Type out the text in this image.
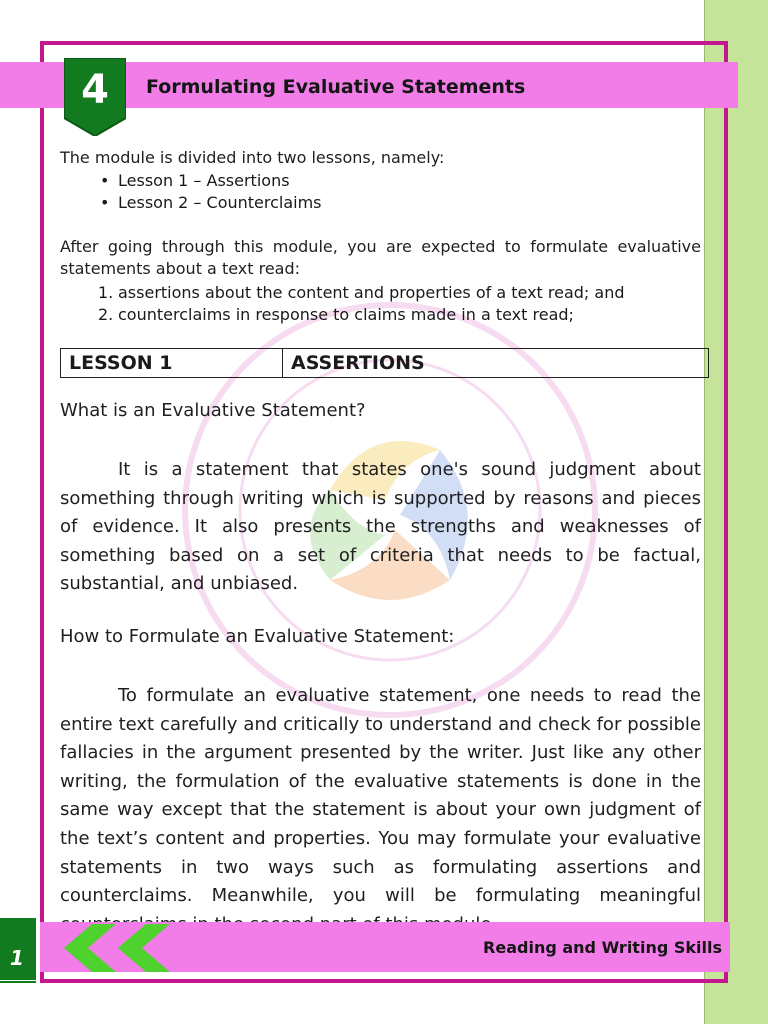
4	Formulating Evaluative Statements
The module is divided into two lessons, namely:
• Lesson 1 – Assertions
• Lesson 2 – Counterclaims
After going through this module, you are expected to formulate evaluative statements about a text read:
1. assertions about the content and properties of a text read; and
2. counterclaims in response to claims made in a text read;
LESSON 1	ASSERTIONS
What is an Evaluative Statement?
It is a statement that states one's sound judgment about something through writing which is supported by reasons and pieces of evidence. It also presents the strengths and weaknesses of something based on a set of criteria that needs to be factual, substantial, and unbiased.
How to Formulate an Evaluative Statement:
To formulate an evaluative statement, one needs to read the entire text carefully and critically to understand and check for possible fallacies in the argument presented by the writer. Just like any other writing, the formulation of the evaluative statements is done in the same way except that the statement is about your own judgment of the text’s content and properties. You may formulate your evaluative statements in two ways such as formulating assertions and counterclaims. Meanwhile, you will be formulating meaningful
Reading and Writing Skills
1
